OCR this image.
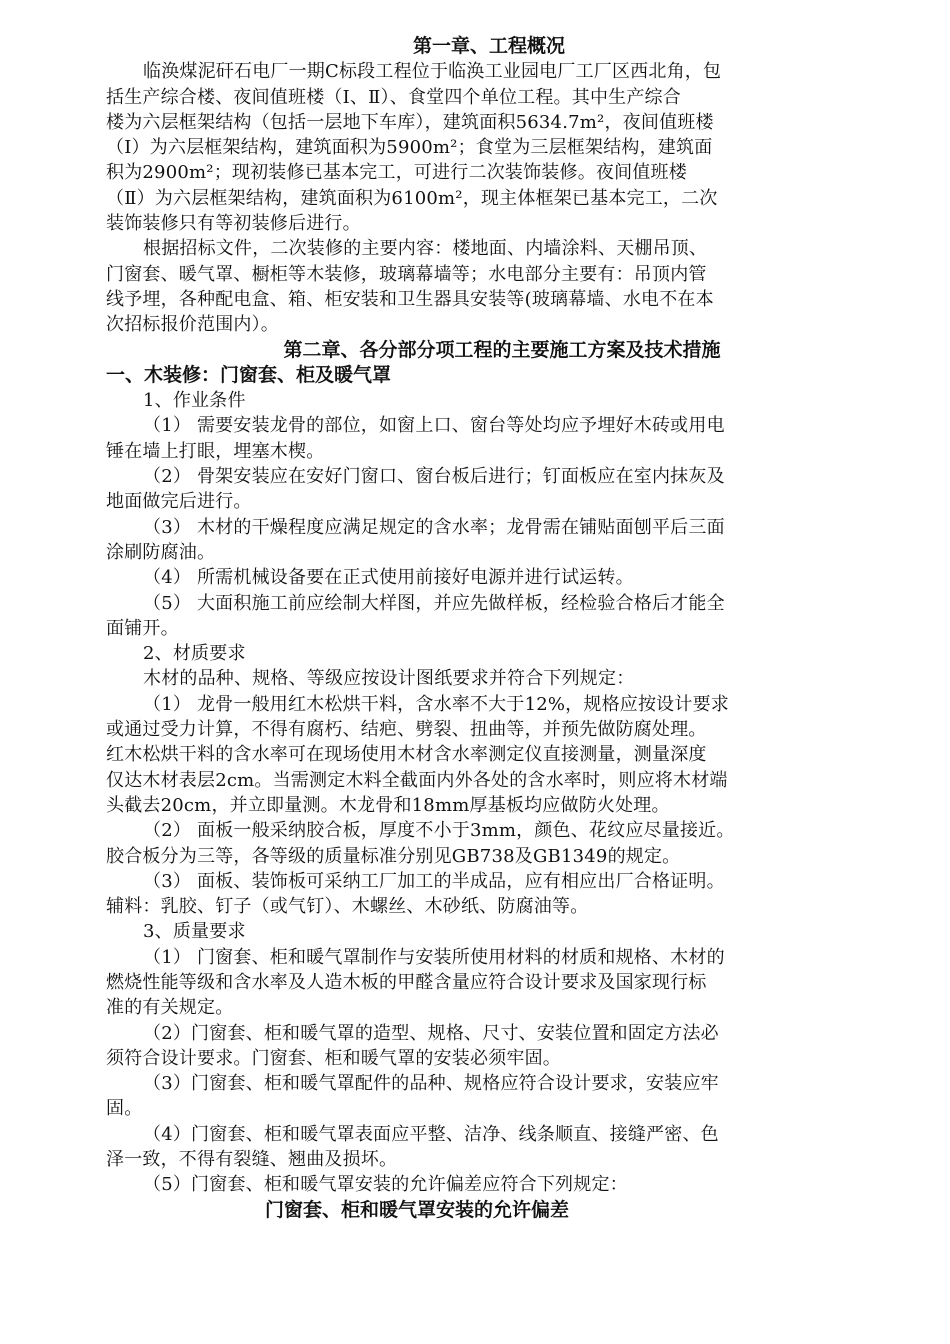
第一章、工程概况
临涣煤泥矸石电厂一期C标段工程位于临涣工业园电厂工厂区西北角，包
括生产综合楼、夜间值班楼（Ⅰ、Ⅱ）、食堂四个单位工程。其中生产综合
楼为六层框架结构（包括一层地下车库），建筑面积5634.7m²，夜间值班楼
（Ⅰ）为六层框架结构，建筑面积为5900m²；食堂为三层框架结构，建筑面
积为2900m²；现初装修已基本完工，可进行二次装饰装修。夜间值班楼
（Ⅱ）为六层框架结构，建筑面积为6100m²，现主体框架已基本完工，二次
装饰装修只有等初装修后进行。
根据招标文件，二次装修的主要内容：楼地面、内墙涂料、天棚吊顶、
门窗套、暖气罩、橱柜等木装修，玻璃幕墙等；水电部分主要有：吊顶内管
线予埋，各种配电盒、箱、柜安装和卫生器具安装等(玻璃幕墙、水电不在本
次招标报价范围内）。
第二章、各分部分项工程的主要施工方案及技术措施
一、木装修：门窗套、柜及暖气罩
1、作业条件
（1） 需要安装龙骨的部位，如窗上口、窗台等处均应予埋好木砖或用电
锤在墙上打眼，埋塞木楔。
（2） 骨架安装应在安好门窗口、窗台板后进行；钉面板应在室内抹灰及
地面做完后进行。
（3） 木材的干燥程度应满足规定的含水率；龙骨需在铺贴面刨平后三面
涂刷防腐油。
（4） 所需机械设备要在正式使用前接好电源并进行试运转。
（5） 大面积施工前应绘制大样图，并应先做样板，经检验合格后才能全
面铺开。
2、材质要求
木材的品种、规格、等级应按设计图纸要求并符合下列规定：
（1） 龙骨一般用红木松烘干料，含水率不大于12%，规格应按设计要求
或通过受力计算，不得有腐朽、结疤、劈裂、扭曲等，并预先做防腐处理。
红木松烘干料的含水率可在现场使用木材含水率测定仪直接测量，测量深度
仅达木材表层2cm。当需测定木料全截面内外各处的含水率时，则应将木材端
头截去20cm，并立即量测。木龙骨和18mm厚基板均应做防火处理。
（2） 面板一般采纳胶合板，厚度不小于3mm，颜色、花纹应尽量接近。
胶合板分为三等，各等级的质量标准分别见GB738及GB1349的规定。
（3） 面板、装饰板可采纳工厂加工的半成品，应有相应出厂合格证明。
辅料：乳胶、钉子（或气钉）、木螺丝、木砂纸、防腐油等。
3、质量要求
（1） 门窗套、柜和暖气罩制作与安装所使用材料的材质和规格、木材的
燃烧性能等级和含水率及人造木板的甲醛含量应符合设计要求及国家现行标
准的有关规定。
（2）门窗套、柜和暖气罩的造型、规格、尺寸、安装位置和固定方法必
须符合设计要求。门窗套、柜和暖气罩的安装必须牢固。
（3）门窗套、柜和暖气罩配件的品种、规格应符合设计要求，安装应牢
固。
（4）门窗套、柜和暖气罩表面应平整、洁净、线条顺直、接缝严密、色
泽一致，不得有裂缝、翘曲及损坏。
（5）门窗套、柜和暖气罩安装的允许偏差应符合下列规定：
门窗套、柜和暖气罩安装的允许偏差
